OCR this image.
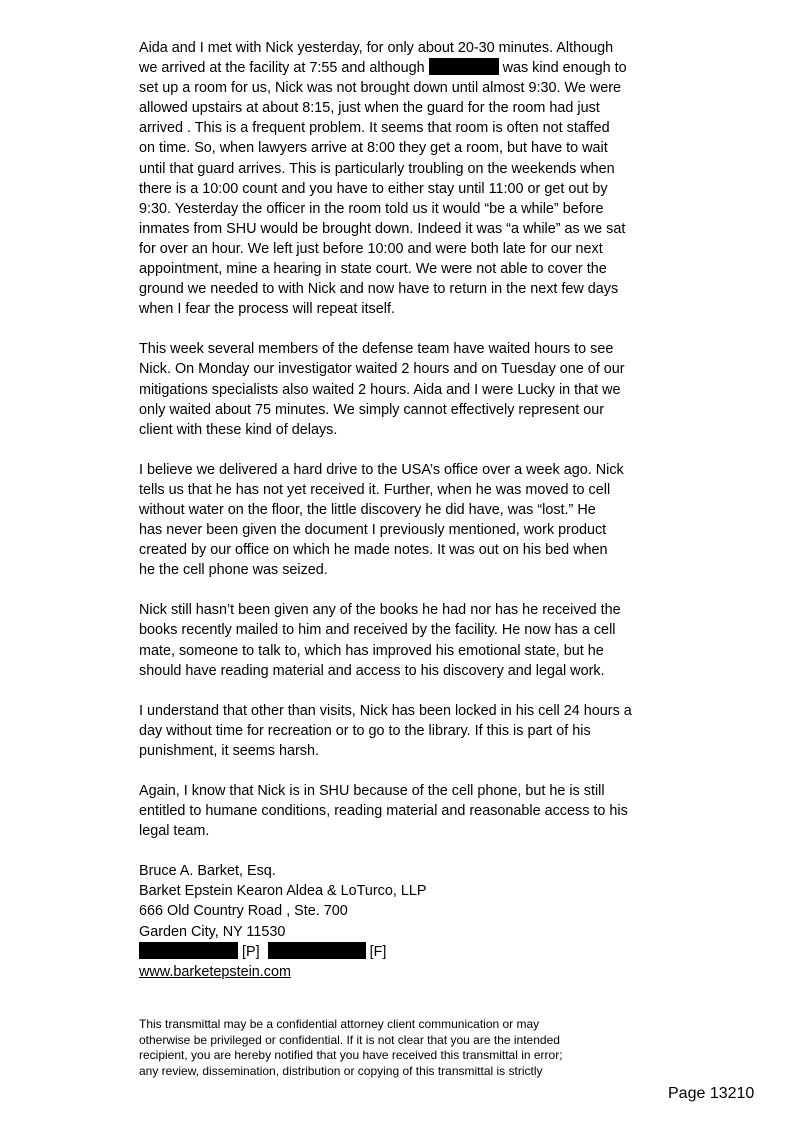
Aida and I met with Nick yesterday, for only about 20-30 minutes. Although
we arrived at the facility at 7:55 and although	was kind enough to
set up a room for us, Nick was not brought down until almost 9:30. We were
allowed upstairs at about 8:15, just when the guard for the room had just
arrived . This is a frequent problem. It seems that room is often not staffed
on time. So, when lawyers arrive at 8:00 they get a room, but have to wait
until that guard arrives. This is particularly troubling on the weekends when
there is a 10:00 count and you have to either stay until 11:00 or get out by
9:30. Yesterday the officer in the room told us it would “be a while” before
inmates from SHU would be brought down. Indeed it was “a while” as we sat
for over an hour. We left just before 10:00 and were both late for our next
appointment, mine a hearing in state court. We were not able to cover the
ground we needed to with Nick and now have to return in the next few days
when I fear the process will repeat itself.
This week several members of the defense team have waited hours to see
Nick. On Monday our investigator waited 2 hours and on Tuesday one of our
mitigations specialists also waited 2 hours. Aida and I were Lucky in that we
only waited about 75 minutes. We simply cannot effectively represent our
client with these kind of delays.
I believe we delivered a hard drive to the USA’s office over a week ago. Nick
tells us that he has not yet received it. Further, when he was moved to cell
without water on the floor, the little discovery he did have, was “lost.” He
has never been given the document I previously mentioned, work product
created by our office on which he made notes. It was out on his bed when
he the cell phone was seized.
Nick still hasn’t been given any of the books he had nor has he received the
books recently mailed to him and received by the facility. He now has a cell
mate, someone to talk to, which has improved his emotional state, but he
should have reading material and access to his discovery and legal work.
I understand that other than visits, Nick has been locked in his cell 24 hours a
day without time for recreation or to go to the library. If this is part of his
punishment, it seems harsh.
Again, I know that Nick is in SHU because of the cell phone, but he is still
entitled to humane conditions, reading material and reasonable access to his
legal team.
Bruce A. Barket, Esq.
Barket Epstein Kearon Aldea & LoTurco, LLP
666 Old Country Road , Ste. 700
Garden City, NY 11530
[P]	[F]
www.barketepstein.com
This transmittal may be a confidential attorney client communication or may
otherwise be privileged or confidential. If it is not clear that you are the intended
recipient, you are hereby notified that you have received this transmittal in error;
any review, dissemination, distribution or copying of this transmittal is strictly
Page 13210
